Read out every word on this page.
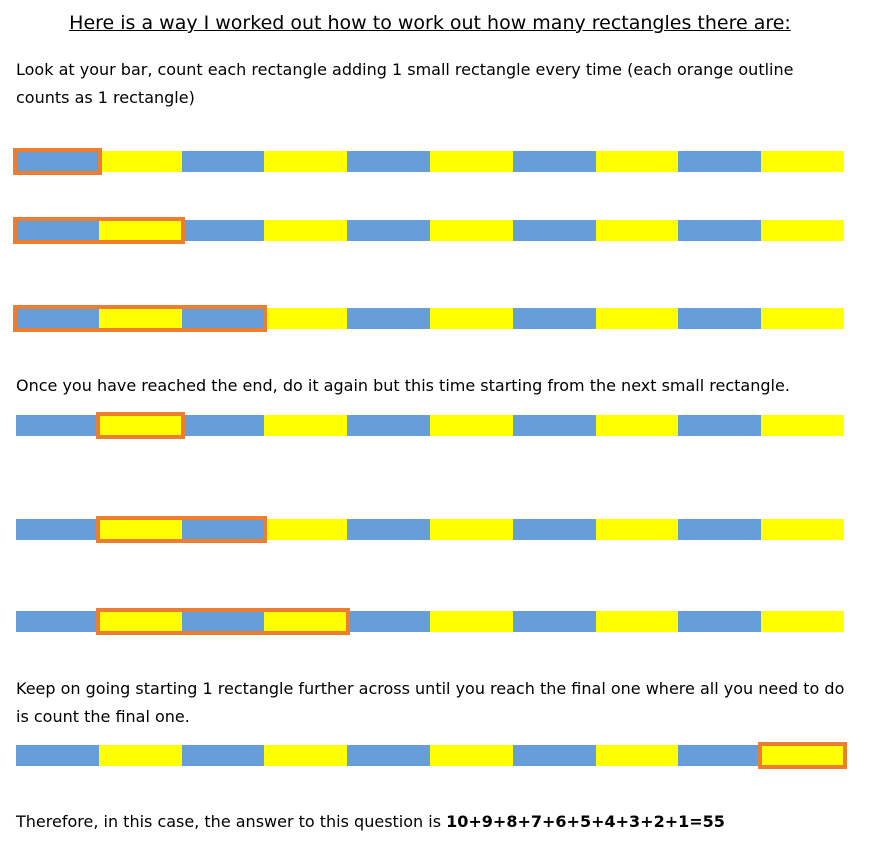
Here is a way I worked out how to work out how many rectangles there are:
Look at your bar, count each rectangle adding 1 small rectangle every time (each orange outline counts as 1 rectangle)
Once you have reached the end, do it again but this time starting from the next small rectangle.
Keep on going starting 1 rectangle further across until you reach the final one where all you need to do is count the final one.
Therefore, in this case, the answer to this question is 10+9+8+7+6+5+4+3+2+1=55
